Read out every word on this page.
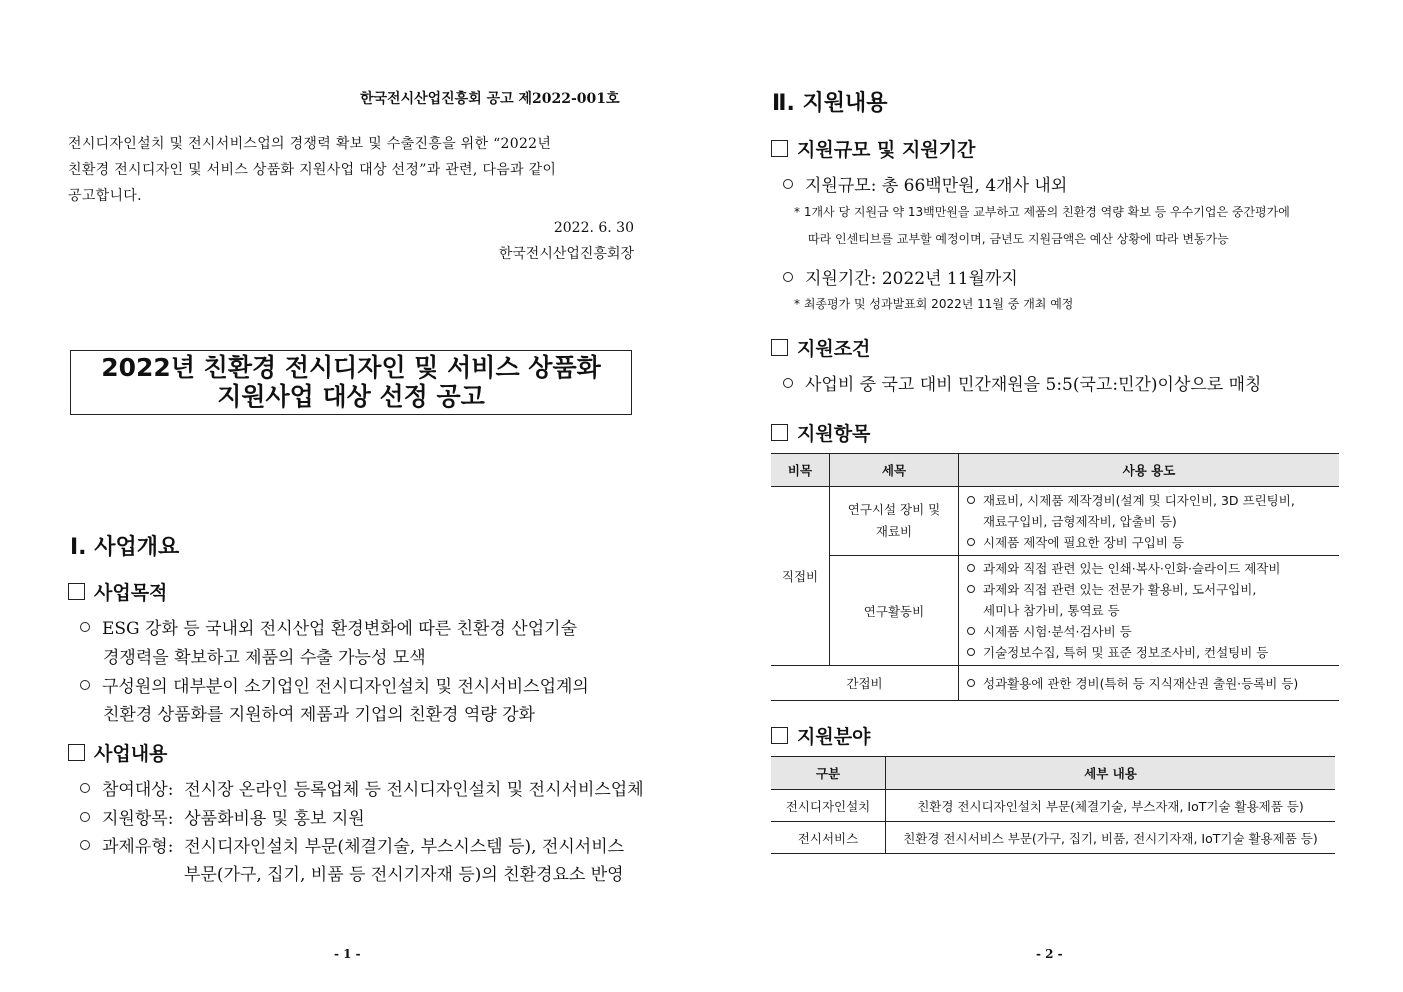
한국전시산업진흥회 공고 제2022-001호
전시디자인설치 및 전시서비스업의 경쟁력 확보 및 수출진흥을 위한 “2022년
친환경 전시디자인 및 서비스 상품화 지원사업 대상 선정”과 관련, 다음과 같이
공고합니다.
2022. 6. 30
한국전시산업진흥회장
2022년 친환경 전시디자인 및 서비스 상품화
지원사업 대상 선정 공고
Ⅰ. 사업개요
사업목적
ESG 강화 등 국내외 전시산업 환경변화에 따른 친환경 산업기술
경쟁력을 확보하고 제품의 수출 가능성 모색
구성원의 대부분이 소기업인 전시디자인설치 및 전시서비스업계의
친환경 상품화를 지원하여 제품과 기업의 친환경 역량 강화
사업내용
참여대상: 전시장 온라인 등록업체 등 전시디자인설치 및 전시서비스업체
지원항목: 상품화비용 및 홍보 지원
과제유형: 전시디자인설치 부문(체결기술, 부스시스템 등), 전시서비스
부문(가구, 집기, 비품 등 전시기자재 등)의 친환경요소 반영
- 1 -
Ⅱ. 지원내용
지원규모 및 지원기간
지원규모: 총 66백만원, 4개사 내외
* 1개사 당 지원금 약 13백만원을 교부하고 제품의 친환경 역량 확보 등 우수기업은 중간평가에
따라 인센티브를 교부할 예정이며, 금년도 지원금액은 예산 상황에 따라 변동가능
지원기간: 2022년 11월까지
* 최종평가 및 성과발표회 2022년 11월 중 개최 예정
지원조건
사업비 중 국고 대비 민간재원을 5:5(국고:민간)이상으로 매칭
지원항목
비목	세목	사용 용도
직접비	연구시설 장비 및 재료비	재료비, 시제품 제작경비(설계 및 디자인비, 3D 프린팅비,
재료구입비, 금형제작비, 압출비 등)
시제품 제작에 필요한 장비 구입비 등

	연구활동비	과제와 직접 관련 있는 인쇄·복사·인화·슬라이드 제작비
과제와 직접 관련 있는 전문가 활용비, 도서구입비,
세미나 참가비, 통역료 등
시제품 시험·분석·검사비 등
기술정보수집, 특허 및 표준 정보조사비, 컨설팅비 등

간접비		성과활용에 관한 경비(특허 등 지식재산권 출원·등록비 등)
지원분야
구분	세부 내용
전시디자인설치	친환경 전시디자인설치 부문(체결기술, 부스자재, IoT기술 활용제품 등)
전시서비스	친환경 전시서비스 부문(가구, 집기, 비품, 전시기자재, IoT기술 활용제품 등)
- 2 -
